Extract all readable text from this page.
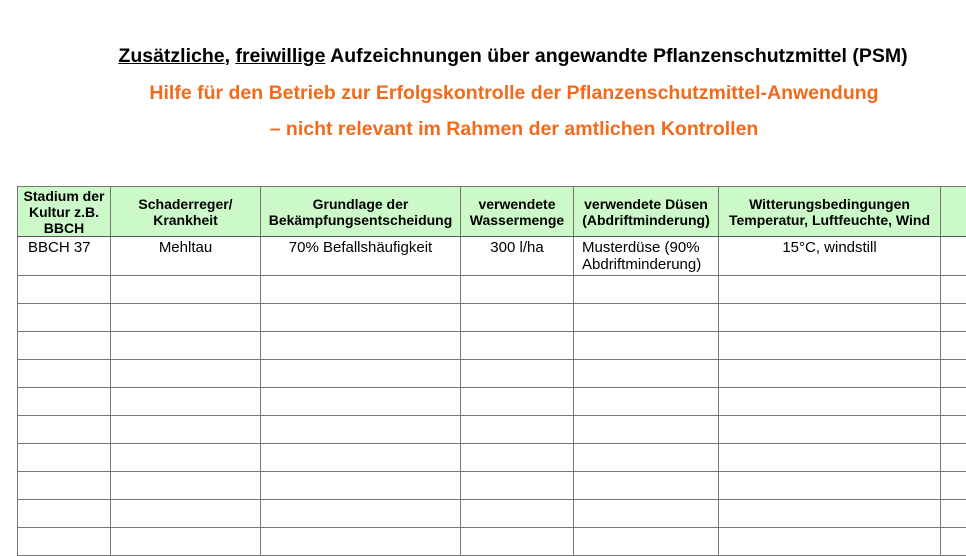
Zusätzliche, freiwillige Aufzeichnungen über angewandte Pflanzenschutzmittel (PSM)
Hilfe für den Betrieb zur Erfolgskontrolle der Pflanzenschutzmittel-Anwendung
– nicht relevant im Rahmen der amtlichen Kontrollen
Stadium der Kultur z.B. BBCH	Schaderreger/ Krankheit	Grundlage der Bekämpfungsentscheidung	verwendete Wassermenge	verwendete Düsen (Abdriftminderung)	Witterungsbedingungen Temperatur, Luftfeuchte, Wind	
BBCH 37	Mehltau	70% Befallshäufigkeit	300 l/ha	Musterdüse (90% Abdriftminderung)	15°C, windstill	
